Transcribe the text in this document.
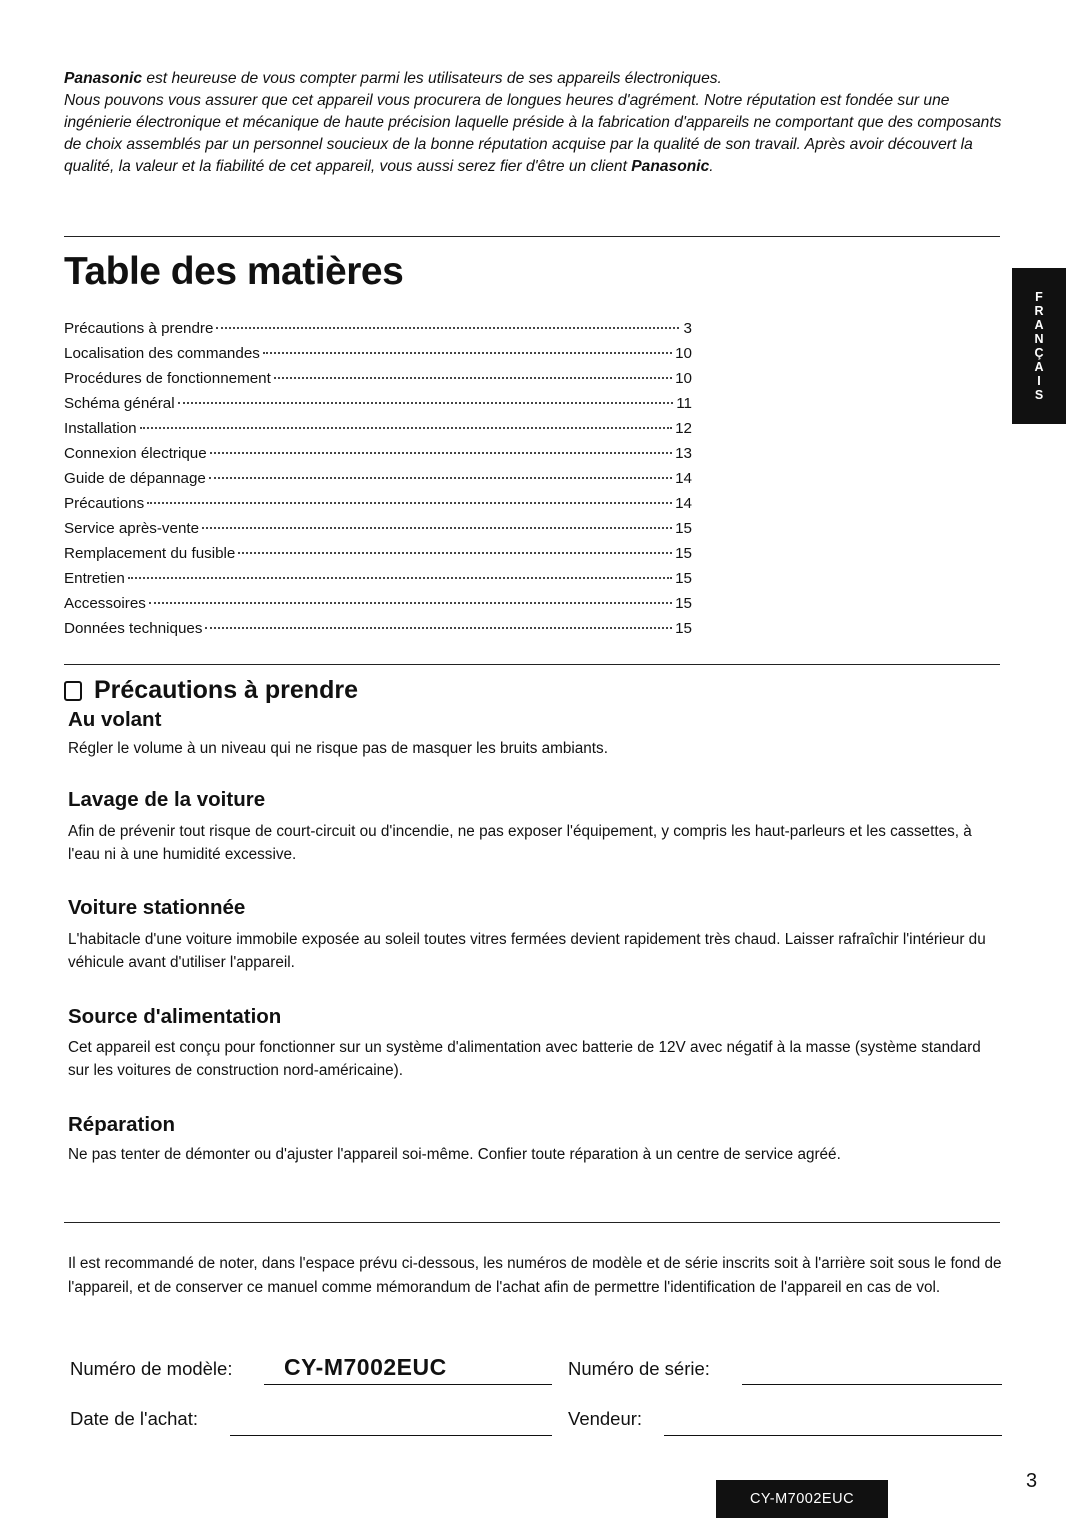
Panasonic est heureuse de vous compter parmi les utilisateurs de ses appareils électroniques.
Nous pouvons vous assurer que cet appareil vous procurera de longues heures d'agrément. Notre réputation est fondée sur une ingénierie électronique et mécanique de haute précision laquelle préside à la fabrication d'appareils ne comportant que des composants de choix assemblés par un personnel soucieux de la bonne réputation acquise par la qualité de son travail. Après avoir découvert la qualité, la valeur et la fiabilité de cet appareil, vous aussi serez fier d'être un client Panasonic.

Table des matières
Précautions à prendre	3
Localisation des commandes	10
Procédures de fonctionnement	10
Schéma général	11
Installation	12
Connexion électrique	13
Guide de dépannage	14
Précautions	14
Service après-vente	15
Remplacement du fusible	15
Entretien	15
Accessoires	15
Données techniques	15
F
R
A
N
Ç
A
I
S
Précautions à prendre
Au volant

Régler le volume à un niveau qui ne risque pas de masquer les bruits ambiants.

Lavage de la voiture

Afin de prévenir tout risque de court-circuit ou d'incendie, ne pas exposer l'équipement, y compris les haut-parleurs et les cassettes, à l'eau ni à une humidité excessive.

Voiture stationnée

L'habitacle d'une voiture immobile exposée au soleil toutes vitres fermées devient rapidement très chaud. Laisser rafraîchir l'intérieur du véhicule avant d'utiliser l'appareil.

Source d'alimentation

Cet appareil est conçu pour fonctionner sur un système d'alimentation avec batterie de 12V avec négatif à la masse (système standard sur les voitures de construction nord-américaine).

Réparation

Ne pas tenter de démonter ou d'ajuster l'appareil soi-même. Confier toute réparation à un centre de service agréé.

Il est recommandé de noter, dans l'espace prévu ci-dessous, les numéros de modèle et de série inscrits soit à l'arrière soit sous le fond de l'appareil, et de conserver ce manuel comme mémorandum de l'achat afin de permettre l'identification de l'appareil en cas de vol.

Numéro de modèle: CY-M7002EUC	Numéro de série:
Date de l'achat:	Vendeur:
3
CY-M7002EUC
